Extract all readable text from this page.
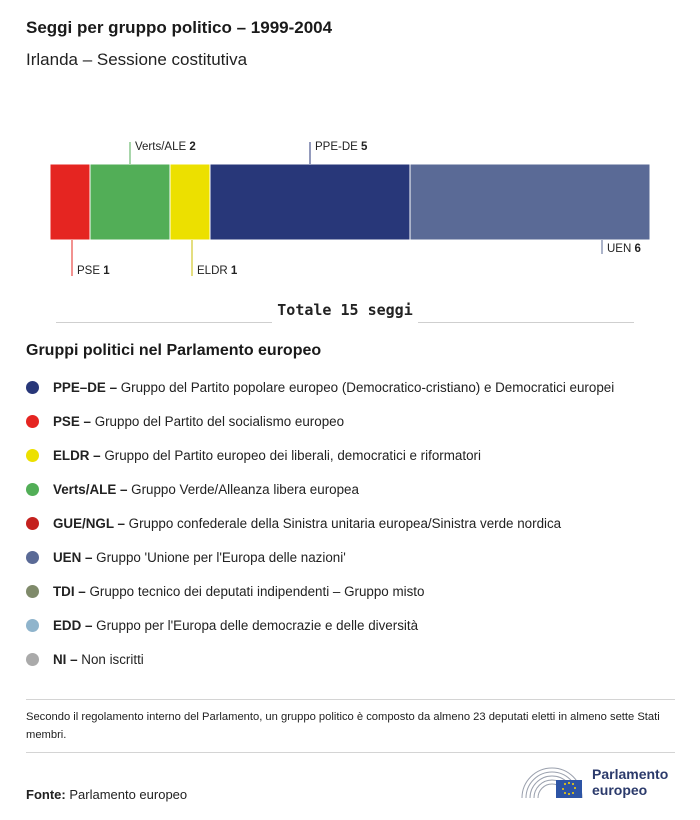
Seggi per gruppo politico – 1999-2004
Irlanda – Sessione costitutiva
PSE 1
Verts/ALE 2
ELDR 1
PPE-DE 5
UEN 6
Totale 15 seggi
Gruppi politici nel Parlamento europeo
PPE–DE – Gruppo del Partito popolare europeo (Democratico-cristiano) e Democratici europei
PSE – Gruppo del Partito del socialismo europeo
ELDR – Gruppo del Partito europeo dei liberali, democratici e riformatori
Verts/ALE – Gruppo Verde/Alleanza libera europea
GUE/NGL – Gruppo confederale della Sinistra unitaria europea/Sinistra verde nordica
UEN – Gruppo 'Unione per l'Europa delle nazioni'
TDI – Gruppo tecnico dei deputati indipendenti – Gruppo misto
EDD – Gruppo per l'Europa delle democrazie e delle diversità
NI – Non iscritti
Secondo il regolamento interno del Parlamento, un gruppo politico è composto da almeno 23 deputati eletti in almeno sette Stati membri.
Fonte: Parlamento europeo
Parlamento
europeo
